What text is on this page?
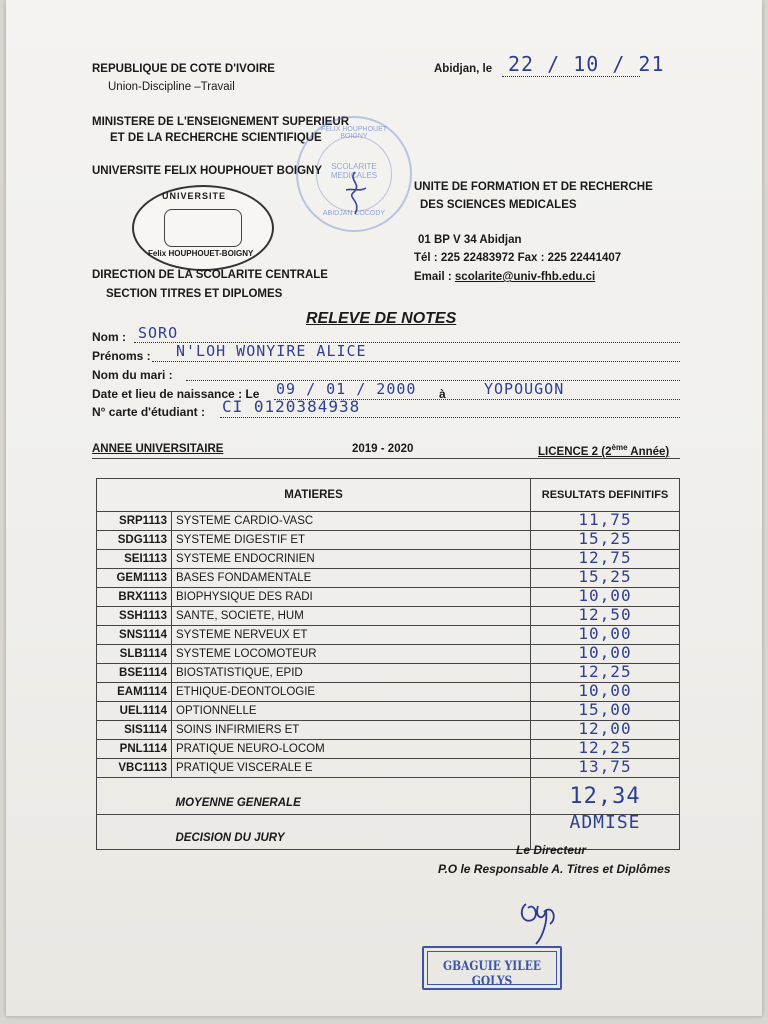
REPUBLIQUE DE COTE D'IVOIRE
Union-Discipline –Travail
MINISTERE DE L'ENSEIGNEMENT SUPERIEUR
ET DE LA RECHERCHE SCIENTIFIQUE
UNIVERSITE FELIX HOUPHOUET BOIGNY
UNIVERSITE
Felix HOUPHOUET-BOIGNY
FELIX HOUPHOUET BOIGNY
SCOLARITE MEDICALES
ABIDJAN COCODY
DIRECTION DE LA SCOLARITE CENTRALE
SECTION TITRES ET DIPLOMES
Abidjan, le 22 / 10 / 21
UNITE DE FORMATION ET DE RECHERCHE
DES SCIENCES MEDICALES
01 BP V 34 Abidjan
Tél : 225 22483972 Fax : 225 22441407
Email : scolarite@univ-fhb.edu.ci
RELEVE DE NOTES
Nom : SORO
Prénoms : N'LOH WONYIRE ALICE
Nom du mari :
Date et lieu de naissance : Le 09 / 01 / 2000 à	YOPOUGON
N° carte d'étudiant : CI 0120384938
ANNEE UNIVERSITAIRE	2019 - 2020	LICENCE 2 (2ème Année)
MATIERES		RESULTATS DEFINITIFS
SRP1113	SYSTEME CARDIO-VASC	11,75
SDG1113	SYSTEME DIGESTIF ET	15,25
SEI1113	SYSTEME ENDOCRINIEN	12,75
GEM1113	BASES FONDAMENTALE	15,25
BRX1113	BIOPHYSIQUE DES RADI	10,00
SSH1113	SANTE, SOCIETE, HUM	12,50
SNS1114	SYSTEME NERVEUX ET	10,00
SLB1114	SYSTEME LOCOMOTEUR	10,00
BSE1114	BIOSTATISTIQUE, EPID	12,25
EAM1114	ETHIQUE-DEONTOLOGIE	10,00
UEL1114	OPTIONNELLE	15,00
SIS1114	SOINS INFIRMIERS ET	12,00
PNL1114	PRATIQUE NEURO-LOCOM	12,25
VBC1113	PRATIQUE VISCERALE E	13,75
	MOYENNE GENERALE	12,34
	DECISION DU JURY	ADMISE
Le Directeur
P.O le Responsable A. Titres et Diplômes
GBAGUIE YILEE GOLYS
